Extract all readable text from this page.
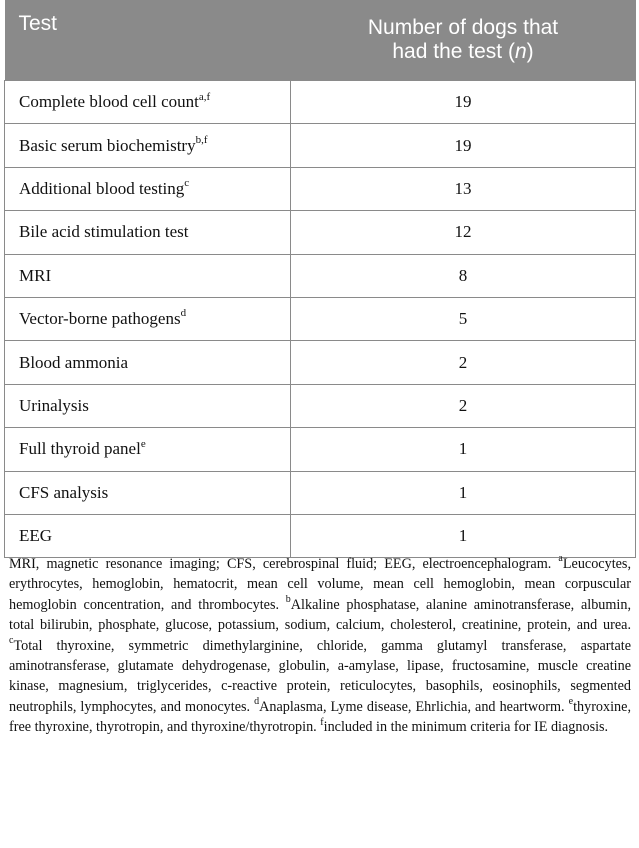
Test	Number of dogs that
had the test (n)

Complete blood cell count$^{a,f}$	19
Basic serum biochemistry$^{b,f}$	19
Additional blood testing$^c$	13
Bile acid stimulation test	12
MRI	8
Vector-borne pathogens$^d$	5
Blood ammonia	2
Urinalysis	2
Full thyroid panel$^e$	1
CFS analysis	1
EEG	1
MRI, magnetic resonance imaging; CFS, cerebrospinal fluid; EEG, electroencephalogram. $^a$Leucocytes, erythrocytes, hemoglobin, hematocrit, mean cell volume, mean cell hemoglobin, mean corpuscular hemoglobin concentration, and thrombocytes. $^b$Alkaline phosphatase, alanine aminotransferase, albumin, total bilirubin, phosphate, glucose, potassium, sodium, calcium, cholesterol, creatinine, protein, and urea. $^c$Total thyroxine, symmetric dimethylarginine, chloride, gamma glutamyl transferase, aspartate aminotransferase, glutamate dehydrogenase, globulin, a-amylase, lipase, fructosamine, muscle creatine kinase, magnesium, triglycerides, c-reactive protein, reticulocytes, basophils, eosinophils, segmented neutrophils, lymphocytes, and monocytes. $^d$Anaplasma, Lyme disease, Ehrlichia, and heartworm. $^e$thyroxine, free thyroxine, thyrotropin, and thyroxine/thyrotropin. $^f$included in the minimum criteria for IE diagnosis.
